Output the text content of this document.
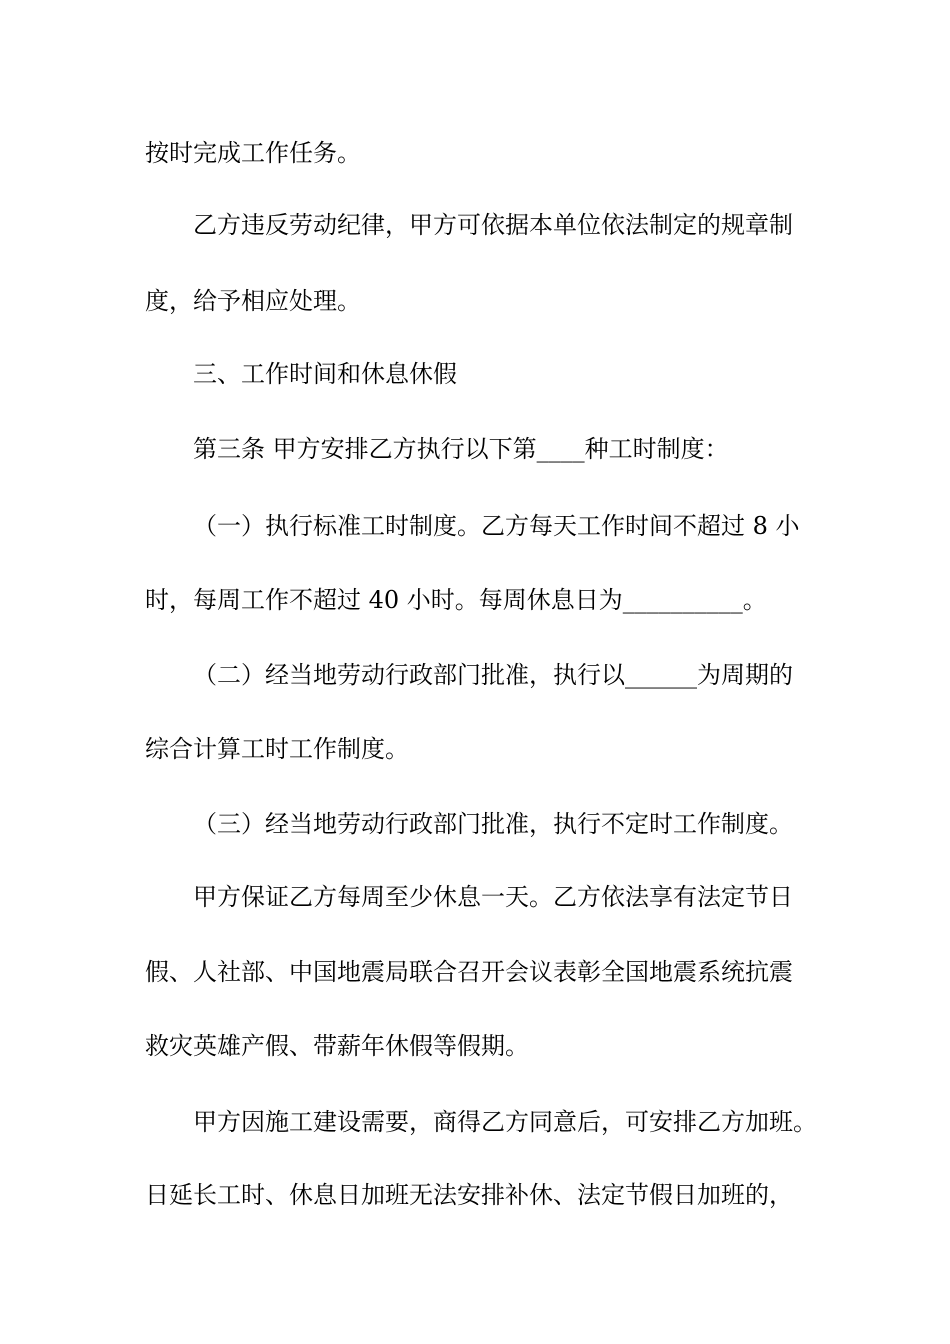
按时完成工作任务。

乙方违反劳动纪律，甲方可依据本单位依法制定的规章制

度，给予相应处理。

三、工作时间和休息休假

第三条 甲方安排乙方执行以下第____种工时制度：

（一）执行标准工时制度。乙方每天工作时间不超过 8 小

时，每周工作不超过 40 小时。每周休息日为__________。

（二）经当地劳动行政部门批准，执行以______为周期的

综合计算工时工作制度。

（三）经当地劳动行政部门批准，执行不定时工作制度。

甲方保证乙方每周至少休息一天。乙方依法享有法定节日

假、人社部、中国地震局联合召开会议表彰全国地震系统抗震

救灾英雄产假、带薪年休假等假期。

甲方因施工建设需要，商得乙方同意后，可安排乙方加班。

日延长工时、休息日加班无法安排补休、法定节假日加班的，
